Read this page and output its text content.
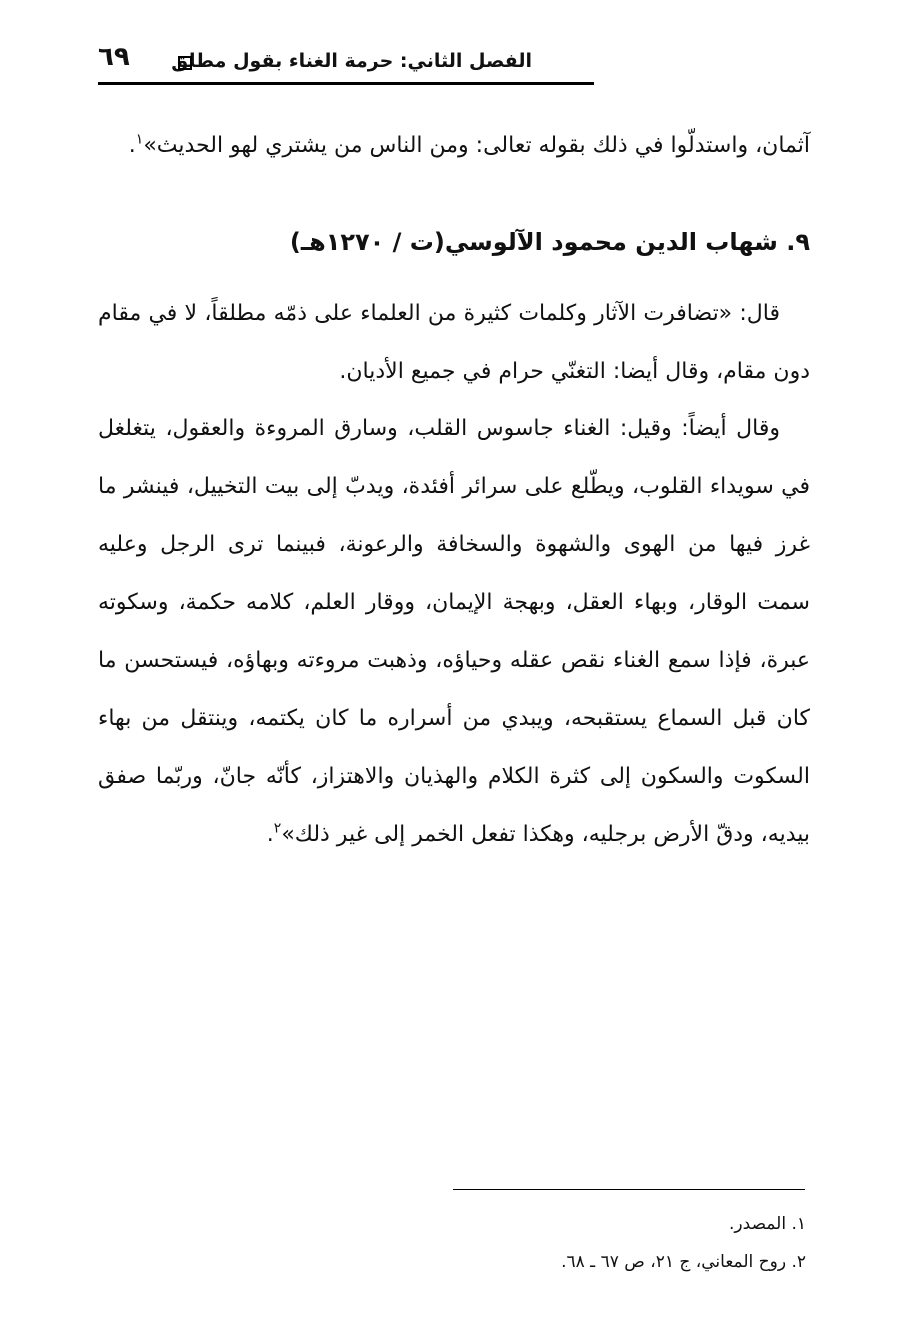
الفصل الثاني: حرمة الغناء بقول مطلق
٦٩
آثمان، واستدلّوا في ذلك بقوله تعالى: ومن الناس من يشتري لهو الحديث»$^١$.
٩. شهاب الدين محمود الآلوسي(ت / ١٢٧٠هـ)
قال: «تضافرت الآثار وكلمات كثيرة من العلماء على ذمّه مطلقاً، لا في مقام دون مقام، وقال أيضا: التغنّي حرام في جميع الأديان.
وقال أيضاً: وقيل: الغناء جاسوس القلب، وسارق المروءة والعقول، يتغلغل في سويداء القلوب، ويطّلع على سرائر أفئدة، ويدبّ إلى بيت التخييل، فينشر ما غرز فيها من الهوى والشهوة والسخافة والرعونة، فبينما ترى الرجل وعليه سمت الوقار، وبهاء العقل، وبهجة الإيمان، ووقار العلم، كلامه حكمة، وسكوته عبرة، فإذا سمع الغناء نقص عقله وحياؤه، وذهبت مروءته وبهاؤه، فيستحسن ما كان قبل السماع يستقبحه، ويبدي من أسراره ما كان يكتمه، وينتقل من بهاء السكوت والسكون إلى كثرة الكلام والهذيان والاهتزاز، كأنّه جانّ، وربّما صفق بيديه، ودقّ الأرض برجليه، وهكذا تفعل الخمر إلى غير ذلك»$^٢$.
١. المصدر.
٢. روح المعاني، ج ٢١، ص ٦٧ ـ ٦٨.
